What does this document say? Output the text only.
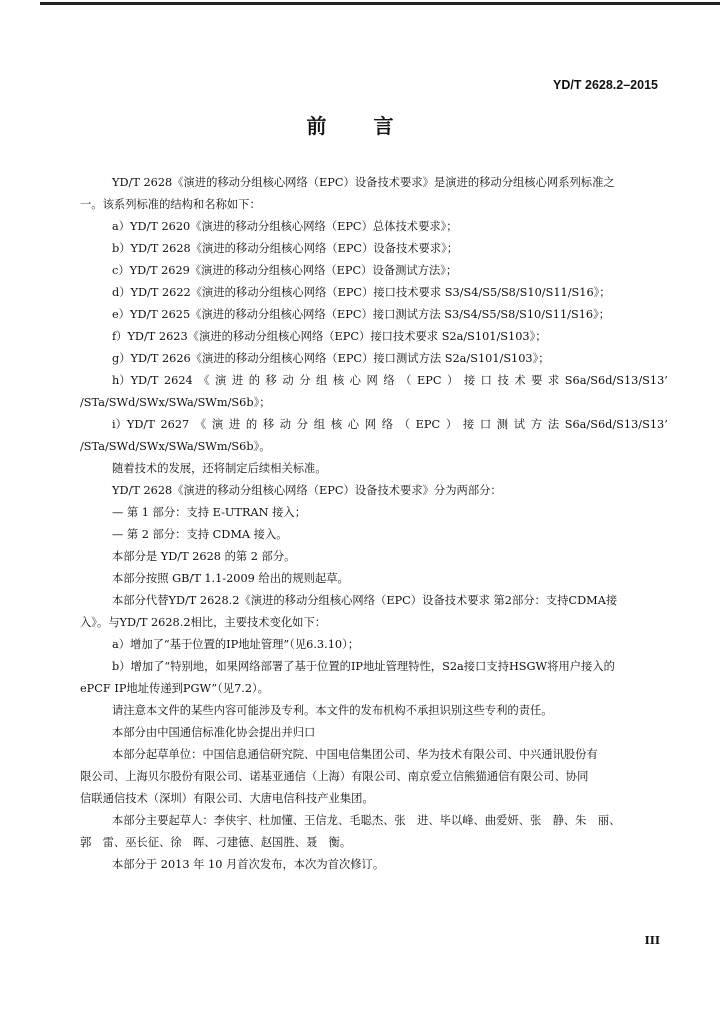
YD/T 2628.2–2015
前 言
YD/T 2628《演进的移动分组核心网络（EPC）设备技术要求》是演进的移动分组核心网系列标准之
一。该系列标准的结构和名称如下：
a）YD/T 2620《演进的移动分组核心网络（EPC）总体技术要求》；
b）YD/T 2628《演进的移动分组核心网络（EPC）设备技术要求》；
c）YD/T 2629《演进的移动分组核心网络（EPC）设备测试方法》；
d）YD/T 2622《演进的移动分组核心网络（EPC）接口技术要求 S3/S4/S5/S8/S10/S11/S16》；
e）YD/T 2625《演进的移动分组核心网络（EPC）接口测试方法 S3/S4/S5/S8/S10/S11/S16》；
f）YD/T 2623《演进的移动分组核心网络（EPC）接口技术要求 S2a/S101/S103》；
g）YD/T 2626《演进的移动分组核心网络（EPC）接口测试方法 S2a/S101/S103》；
h）YD/T 2624 《 演 进 的 移 动 分 组 核 心 网 络 （ EPC ） 接 口 技 术 要 求 S6a/S6d/S13/S13’
/STa/SWd/SWx/SWa/SWm/S6b》；
i）YD/T 2627 《 演 进 的 移 动 分 组 核 心 网 络 （ EPC ） 接 口 测 试 方 法 S6a/S6d/S13/S13’
/STa/SWd/SWx/SWa/SWm/S6b》。
随着技术的发展，还将制定后续相关标准。
YD/T 2628《演进的移动分组核心网络（EPC）设备技术要求》分为两部分：
— 第 1 部分：支持 E-UTRAN 接入；
— 第 2 部分：支持 CDMA 接入。
本部分是 YD/T 2628 的第 2 部分。
本部分按照 GB/T 1.1-2009 给出的规则起草。
本部分代替YD/T 2628.2《演进的移动分组核心网络（EPC）设备技术要求 第2部分：支持CDMA接
入》。与YD/T 2628.2相比，主要技术变化如下：
a）增加了“基于位置的IP地址管理”（见6.3.10）；
b）增加了“特别地，如果网络部署了基于位置的IP地址管理特性，S2a接口支持HSGW将用户接入的
ePCF IP地址传递到PGW”（见7.2）。
请注意本文件的某些内容可能涉及专利。本文件的发布机构不承担识别这些专利的责任。
本部分由中国通信标准化协会提出并归口
本部分起草单位：中国信息通信研究院、中国电信集团公司、华为技术有限公司、中兴通讯股份有
限公司、上海贝尔股份有限公司、诺基亚通信（上海）有限公司、南京爱立信熊猫通信有限公司、协同
信联通信技术（深圳）有限公司、大唐电信科技产业集团。
本部分主要起草人：李侠宇、杜加懂、王信龙、毛聪杰、张　进、毕以峰、曲爱妍、张　静、朱　丽、
郭　雷、巫长征、徐　晖、刁建德、赵国胜、聂　衡。
本部分于 2013 年 10 月首次发布，本次为首次修订。
III
